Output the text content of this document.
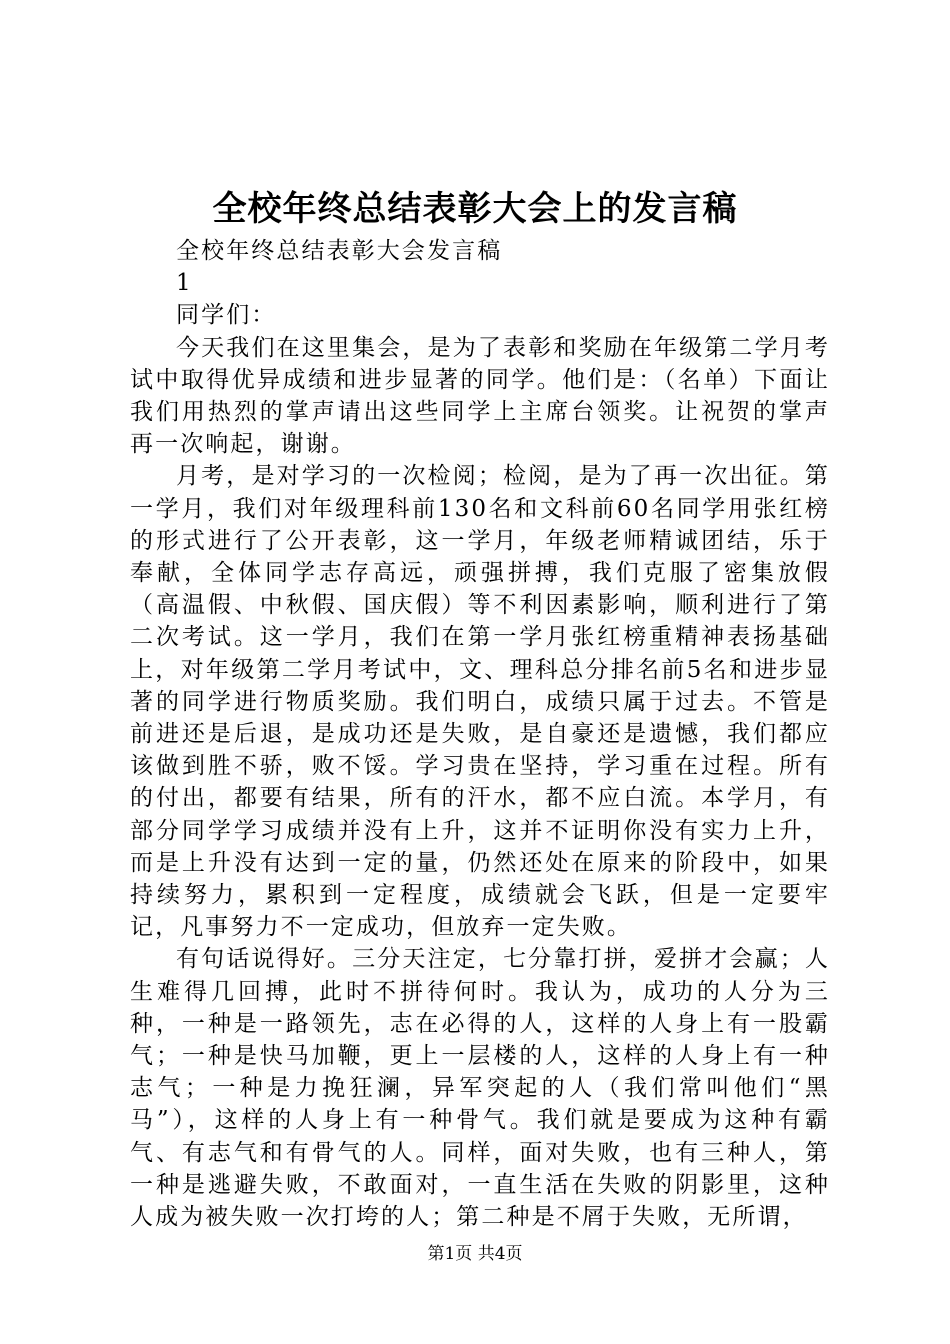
全校年终总结表彰大会上的发言稿

全校年终总结表彰大会发言稿

1

同学们：

今天我们在这里集会，是为了表彰和奖励在年级第二学月考试中取得优异成绩和进步显著的同学。他们是：（名单）下面让我们用热烈的掌声请出这些同学上主席台领奖。让祝贺的掌声再一次响起，谢谢。

月考，是对学习的一次检阅；检阅，是为了再一次出征。第一学月，我们对年级理科前130名和文科前60名同学用张红榜的形式进行了公开表彰，这一学月，年级老师精诚团结，乐于奉献，全体同学志存高远，顽强拼搏，我们克服了密集放假（高温假、中秋假、国庆假）等不利因素影响，顺利进行了第二次考试。这一学月，我们在第一学月张红榜重精神表扬基础上，对年级第二学月考试中，文、理科总分排名前5名和进步显著的同学进行物质奖励。我们明白，成绩只属于过去。不管是前进还是后退，是成功还是失败，是自豪还是遗憾，我们都应该做到胜不骄，败不馁。学习贵在坚持，学习重在过程。所有的付出，都要有结果，所有的汗水，都不应白流。本学月，有部分同学学习成绩并没有上升，这并不证明你没有实力上升，而是上升没有达到一定的量，仍然还处在原来的阶段中，如果持续努力，累积到一定程度，成绩就会飞跃，但是一定要牢记，凡事努力不一定成功，但放弃一定失败。

有句话说得好。三分天注定，七分靠打拼，爱拼才会赢；人生难得几回搏，此时不拼待何时。我认为，成功的人分为三种，一种是一路领先，志在必得的人，这样的人身上有一股霸气；一种是快马加鞭，更上一层楼的人，这样的人身上有一种志气；一种是力挽狂澜，异军突起的人（我们常叫他们“黑马”），这样的人身上有一种骨气。我们就是要成为这种有霸气、有志气和有骨气的人。同样，面对失败，也有三种人，第一种是逃避失败，不敢面对，一直生活在失败的阴影里，这种人成为被失败一次打垮的人；第二种是不屑于失败，无所谓，

第1页 共4页
